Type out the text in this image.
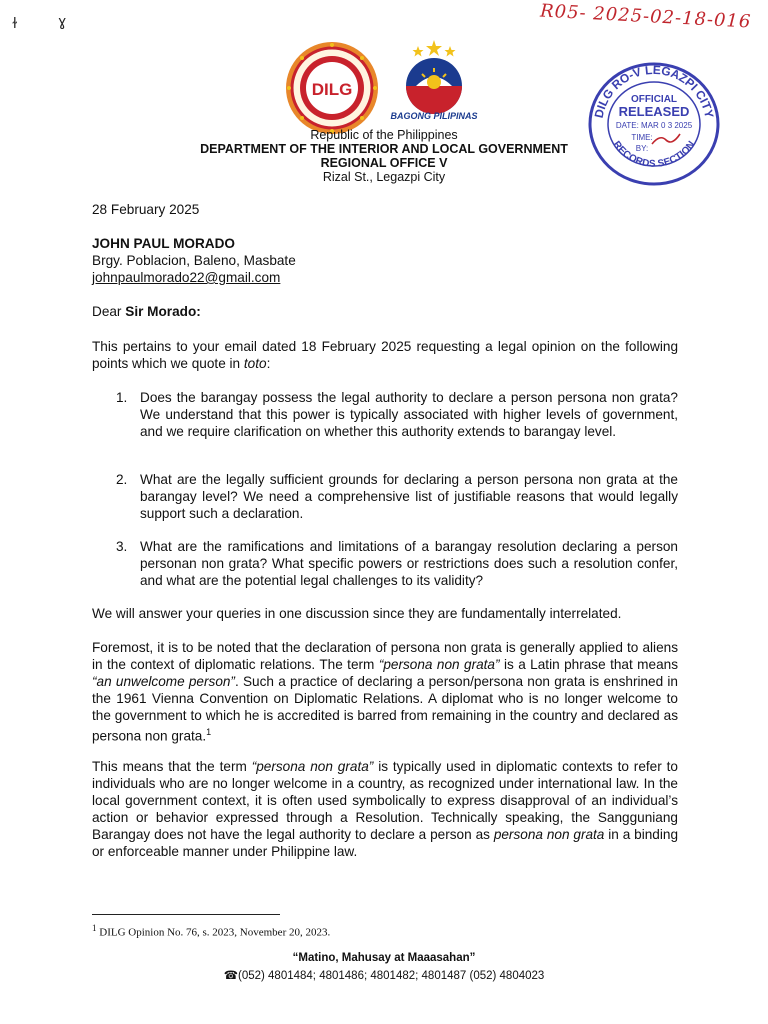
ɫ	ɣ	R05- 2025-02-18-016
DILG
BAGONG PILIPINAS
Republic of the Philippines
DEPARTMENT OF THE INTERIOR AND LOCAL GOVERNMENT
REGIONAL OFFICE V
Rizal St., Legazpi City
DILG RO-V LEGAZPI CITY
RECORDS SECTION
OFFICIAL
RELEASED
DATE: MAR 0 3 2025
TIME:
BY:
28 February 2025
JOHN PAUL MORADO
Brgy. Poblacion, Baleno, Masbate
johnpaulmorado22@gmail.com
Dear Sir Morado:
This pertains to your email dated 18 February 2025 requesting a legal opinion on the following points which we quote in toto:
1. Does the barangay possess the legal authority to declare a person persona non grata? We understand that this power is typically associated with higher levels of government, and we require clarification on whether this authority extends to barangay level.
2. What are the legally sufficient grounds for declaring a person persona non grata at the barangay level? We need a comprehensive list of justifiable reasons that would legally support such a declaration.
3. What are the ramifications and limitations of a barangay resolution declaring a person personan non grata? What specific powers or restrictions does such a resolution confer, and what are the potential legal challenges to its validity?
We will answer your queries in one discussion since they are fundamentally interrelated.
Foremost, it is to be noted that the declaration of persona non grata is generally applied to aliens in the context of diplomatic relations. The term “persona non grata” is a Latin phrase that means “an unwelcome person”. Such a practice of declaring a person/persona non grata is enshrined in the 1961 Vienna Convention on Diplomatic Relations. A diplomat who is no longer welcome to the government to which he is accredited is barred from remaining in the country and declared as persona non grata.$^1$
This means that the term “persona non grata” is typically used in diplomatic contexts to refer to individuals who are no longer welcome in a country, as recognized under international law. In the local government context, it is often used symbolically to express disapproval of an individual’s action or behavior expressed through a Resolution. Technically speaking, the Sangguniang Barangay does not have the legal authority to declare a person as persona non grata in a binding or enforceable manner under Philippine law.
$^1$ DILG Opinion No. 76, s. 2023, November 20, 2023.
“Matino, Mahusay at Maaasahan”
☎(052) 4801484; 4801486; 4801482; 4801487 (052) 4804023
